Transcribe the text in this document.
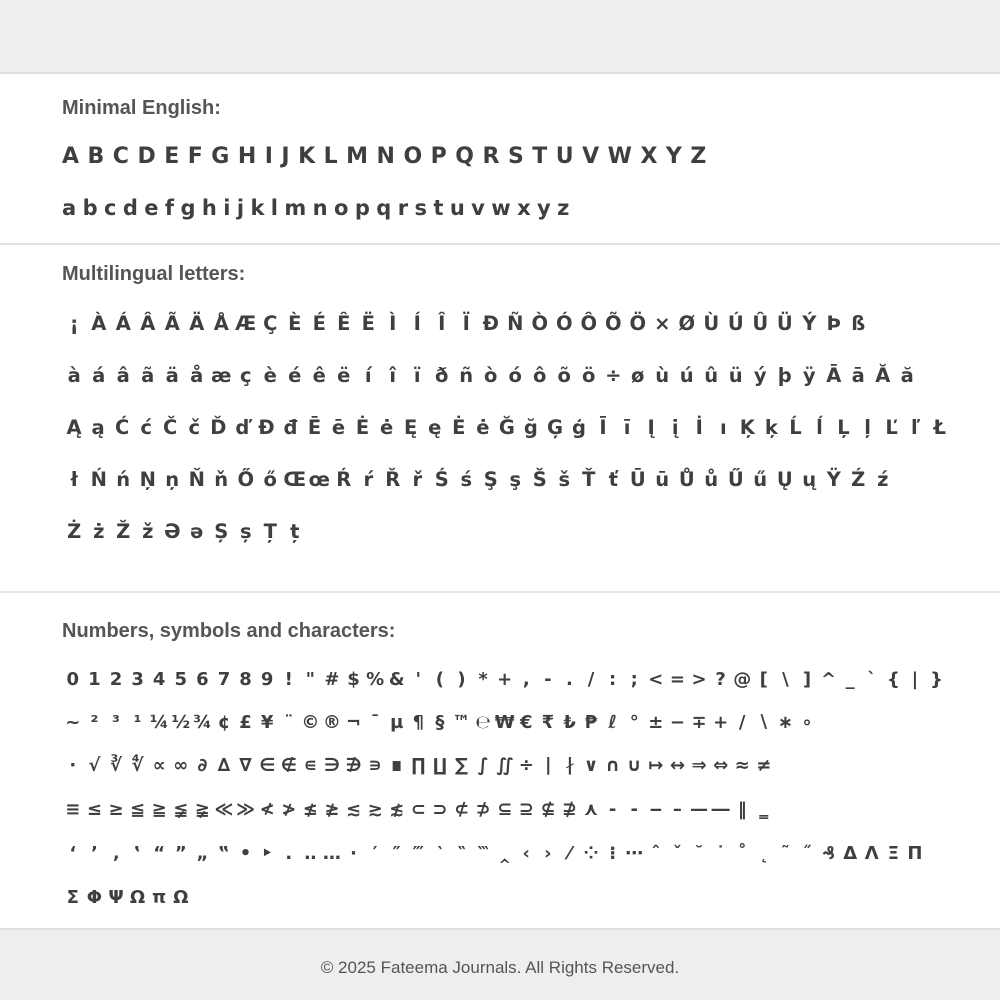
Minimal English:
ABCDEFGHIJKLMNOPQRSTUVWXYZ
abcdefghijklmnopqrstuvwxyz
Multilingual letters:
¡ À Á Â Ã Ä Å Æ Ç È É Ê Ë Ì Í Î Ï Đ Ñ Ò Ó Ô Õ Ö × Ø Ù Ú Û Ü Ý Þ ß
à á â ã ä å æ ç è é ê ë í î ï ð ñ ò ó ô õ ö ÷ ø ù ú û ü ý þ ÿ Ā ā Ă ă
Ą ą Ć ć Č č Ď ď Đ đ Ē ē Ė ė Ę ę Ė ė Ğ ğ Ģ ģ Ī ī Į į İ ı Ķ ķ Ĺ ĺ Ļ ļ Ľ ľ Ł
ł Ń ń Ņ ņ Ň ň Ő ő Œ œ Ŕ ŕ Ř ř Ś ś Ş ş Š š Ť ť Ū ū Ů ů Ű ű Ų ų Ÿ Ź ź
Ż ż Ž ž Ə ə Ș ș Ț ț
Numbers, symbols and characters:
0 1 2 3 4 5 6 7 8 9 ! " # $ % & ' ( ) * + , - . / : ; < = > ? @ [ \ ] ^ _ ` { | }
~ ² ³ ¹ ¼ ½ ¾ ¢ £ ¥ ¨ © ® ¬ ¯ µ ¶ § ™ ℮ ₩ € ₹ ₺ ₱ ℓ ° ± − ∓ + / ∖ ∗ ∘
∙ √ ∛ ∜ ∝ ∞ ∂ ∆ ∇ ∈ ∉ ∊ ∋ ∌ ∍ ∎ ∏ ∐ ∑ ∫ ∬ ÷ ∣ ∤ ∨ ∩ ∪ ↦ ↔ ⇒ ⇔ ≈ ≠
≡ ≤ ≥ ≦ ≧ ≨ ≩ ≪ ≫ ≮ ≯ ≰ ≱ ≲ ≳ ≴ ⊂ ⊃ ⊄ ⊅ ⊆ ⊇ ⊈ ⊉ ⋏ ‐ ‑ ‒ – — ― ‖ ‗
‘ ’ ‚ ‛ “ ” „ ‟ • ‣ ․ ‥ … ‧ ′ ″ ‴ ‵ ‶ ‷ ‸ ‹ › ⁄ ⁘ ⁝ ⋯ ˆ ˇ ˘ ˙ ˚ ˛ ˜ ˝ ₰ Δ Λ Ξ Π
Σ Φ Ψ Ω π Ω
© 2025 Fateema Journals. All Rights Reserved.
